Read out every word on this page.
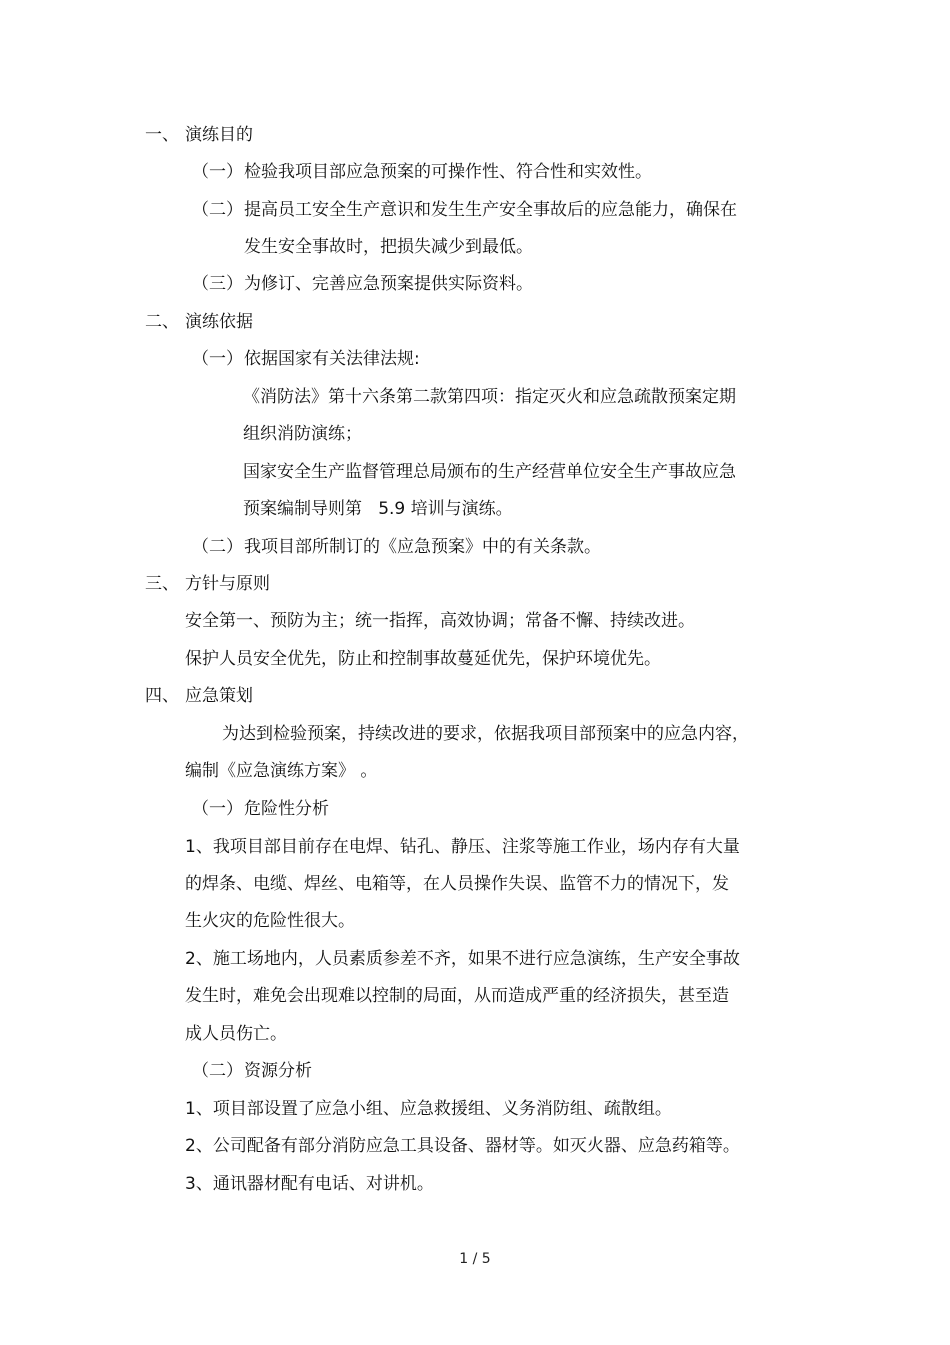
一、 演练目的
（一） 检验我项目部应急预案的可操作性、符合性和实效性。
（二） 提高员工安全生产意识和发生生产安全事故后的应急能力，确保在
发生安全事故时，把损失减少到最低。
（三） 为修订、完善应急预案提供实际资料。
二、 演练依据
（一） 依据国家有关法律法规:
《消防法》第十六条第二款第四项：指定灭火和应急疏散预案定期
组织消防演练；
国家安全生产监督管理总局颁布的生产经营单位安全生产事故应急
预案编制导则第   5.9 培训与演练。
（二） 我项目部所制订的《应急预案》中的有关条款。
三、 方针与原则
安全第一、预防为主；统一指挥，高效协调；常备不懈、持续改进。
保护人员安全优先，防止和控制事故蔓延优先，保护环境优先。
四、 应急策划
为达到检验预案，持续改进的要求，依据我项目部预案中的应急内容，
编制《应急演练方案》 。
（一） 危险性分析
1、我项目部目前存在电焊、钻孔、静压、注浆等施工作业，场内存有大量
的焊条、电缆、焊丝、电箱等，在人员操作失误、监管不力的情况下，发
生火灾的危险性很大。
2、施工场地内，人员素质参差不齐，如果不进行应急演练，生产安全事故
发生时，难免会出现难以控制的局面，从而造成严重的经济损失，甚至造
成人员伤亡。
（二） 资源分析
1、项目部设置了应急小组、应急救援组、义务消防组、疏散组。
2、公司配备有部分消防应急工具设备、器材等。如灭火器、应急药箱等。
3、通讯器材配有电话、对讲机。
1 / 5
